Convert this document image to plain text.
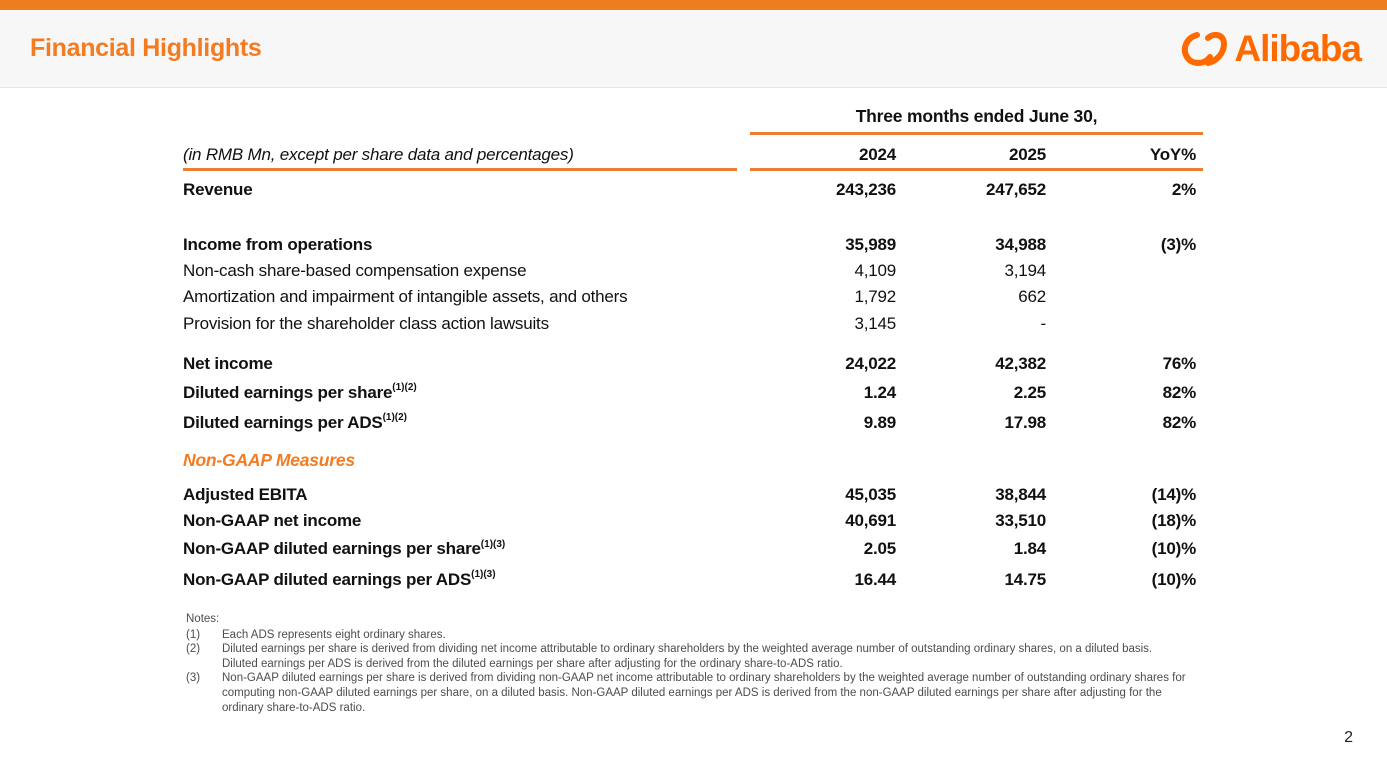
Financial Highlights	Alibaba
Three months ended June 30,
(in RMB Mn, except per share data and percentages)	2024	2025	YoY%
Revenue	243,236	247,652	2%
Income from operations	35,989	34,988	(3)%
Non-cash share-based compensation expense	4,109	3,194
Amortization and impairment of intangible assets, and others	1,792	662
Provision for the shareholder class action lawsuits	3,145	-
Net income	24,022	42,382	76%
Diluted earnings per share$^{(1)(2)}$	1.24	2.25	82%
Diluted earnings per $ADS^{(1)(2)}$	9.89	17.98	82%
Non-GAAP Measures
Adjusted EBITA	45,035	38,844	(14)%
Non-GAAP net income	40,691	33,510	(18)%
Non-GAAP diluted earnings per share$^{(1)(3)}$	2.05	1.84	(10)%
Non-GAAP diluted earnings per $ADS^{(1)(3)}$	16.44	14.75	(10)%
Notes:
(1)	Each ADS represents eight ordinary shares.
(2)	Diluted earnings per share is derived from dividing net income attributable to ordinary shareholders by the weighted average number of outstanding ordinary shares, on a diluted basis. Diluted earnings per ADS is derived from the diluted earnings per share after adjusting for the ordinary share-to-ADS ratio.
(3)	Non-GAAP diluted earnings per share is derived from dividing non-GAAP net income attributable to ordinary shareholders by the weighted average number of outstanding ordinary shares for computing non-GAAP diluted earnings per share, on a diluted basis. Non-GAAP diluted earnings per ADS is derived from the non-GAAP diluted earnings per share after adjusting for the ordinary share-to-ADS ratio.
2
